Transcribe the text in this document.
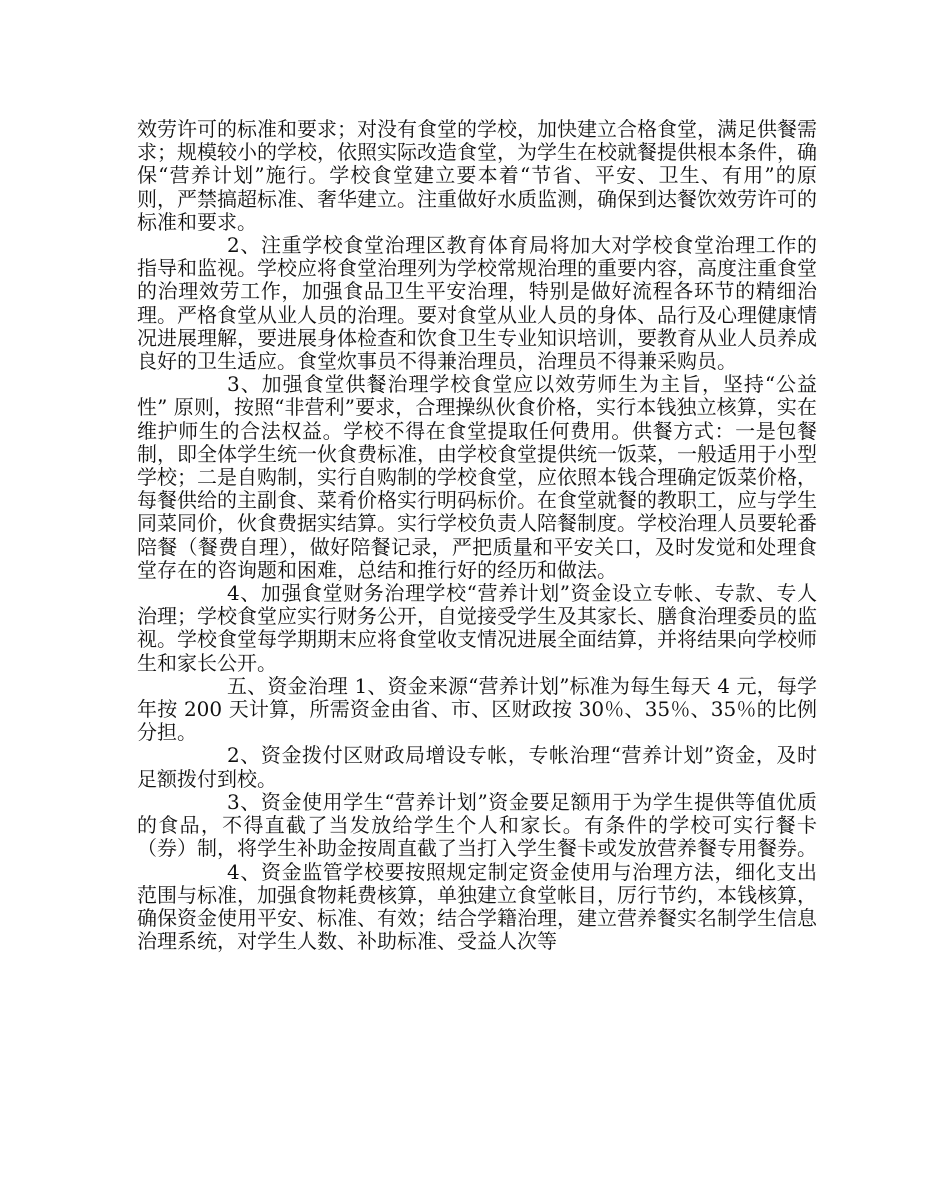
效劳许可的标准和要求；对没有食堂的学校，加快建立合格食堂，满足供餐需求；规模较小的学校，依照实际改造食堂，为学生在校就餐提供根本条件，确保“营养计划”施行。学校食堂建立要本着“节省、平安、卫生、有用”的原则，严禁搞超标准、奢华建立。注重做好水质监测，确保到达餐饮效劳许可的标准和要求。

2、注重学校食堂治理区教育体育局将加大对学校食堂治理工作的指导和监视。学校应将食堂治理列为学校常规治理的重要内容，高度注重食堂的治理效劳工作，加强食品卫生平安治理，特别是做好流程各环节的精细治理。严格食堂从业人员的治理。要对食堂从业人员的身体、品行及心理健康情况进展理解，要进展身体检查和饮食卫生专业知识培训，要教育从业人员养成良好的卫生适应。食堂炊事员不得兼治理员，治理员不得兼采购员。

3、加强食堂供餐治理学校食堂应以效劳师生为主旨，坚持“公益性” 原则，按照“非营利”要求，合理操纵伙食价格，实行本钱独立核算，实在维护师生的合法权益。学校不得在食堂提取任何费用。供餐方式：一是包餐制，即全体学生统一伙食费标准，由学校食堂提供统一饭菜，一般适用于小型学校；二是自购制，实行自购制的学校食堂，应依照本钱合理确定饭菜价格，每餐供给的主副食、菜肴价格实行明码标价。在食堂就餐的教职工，应与学生同菜同价，伙食费据实结算。实行学校负责人陪餐制度。学校治理人员要轮番陪餐（餐费自理），做好陪餐记录，严把质量和平安关口，及时发觉和处理食堂存在的咨询题和困难，总结和推行好的经历和做法。

4、加强食堂财务治理学校“营养计划”资金设立专帐、专款、专人治理；学校食堂应实行财务公开，自觉接受学生及其家长、膳食治理委员的监视。学校食堂每学期期末应将食堂收支情况进展全面结算，并将结果向学校师生和家长公开。

五、资金治理 1、资金来源“营养计划”标准为每生每天 4 元，每学年按 200 天计算，所需资金由省、市、区财政按 30％、35％、35％的比例分担。

2、资金拨付区财政局增设专帐，专帐治理“营养计划”资金，及时足额拨付到校。

3、资金使用学生“营养计划”资金要足额用于为学生提供等值优质的食品，不得直截了当发放给学生个人和家长。有条件的学校可实行餐卡（券）制，将学生补助金按周直截了当打入学生餐卡或发放营养餐专用餐券。

4、资金监管学校要按照规定制定资金使用与治理方法，细化支出范围与标准，加强食物耗费核算，单独建立食堂帐目，厉行节约，本钱核算，确保资金使用平安、标准、有效；结合学籍治理，建立营养餐实名制学生信息治理系统，对学生人数、补助标准、受益人次等
